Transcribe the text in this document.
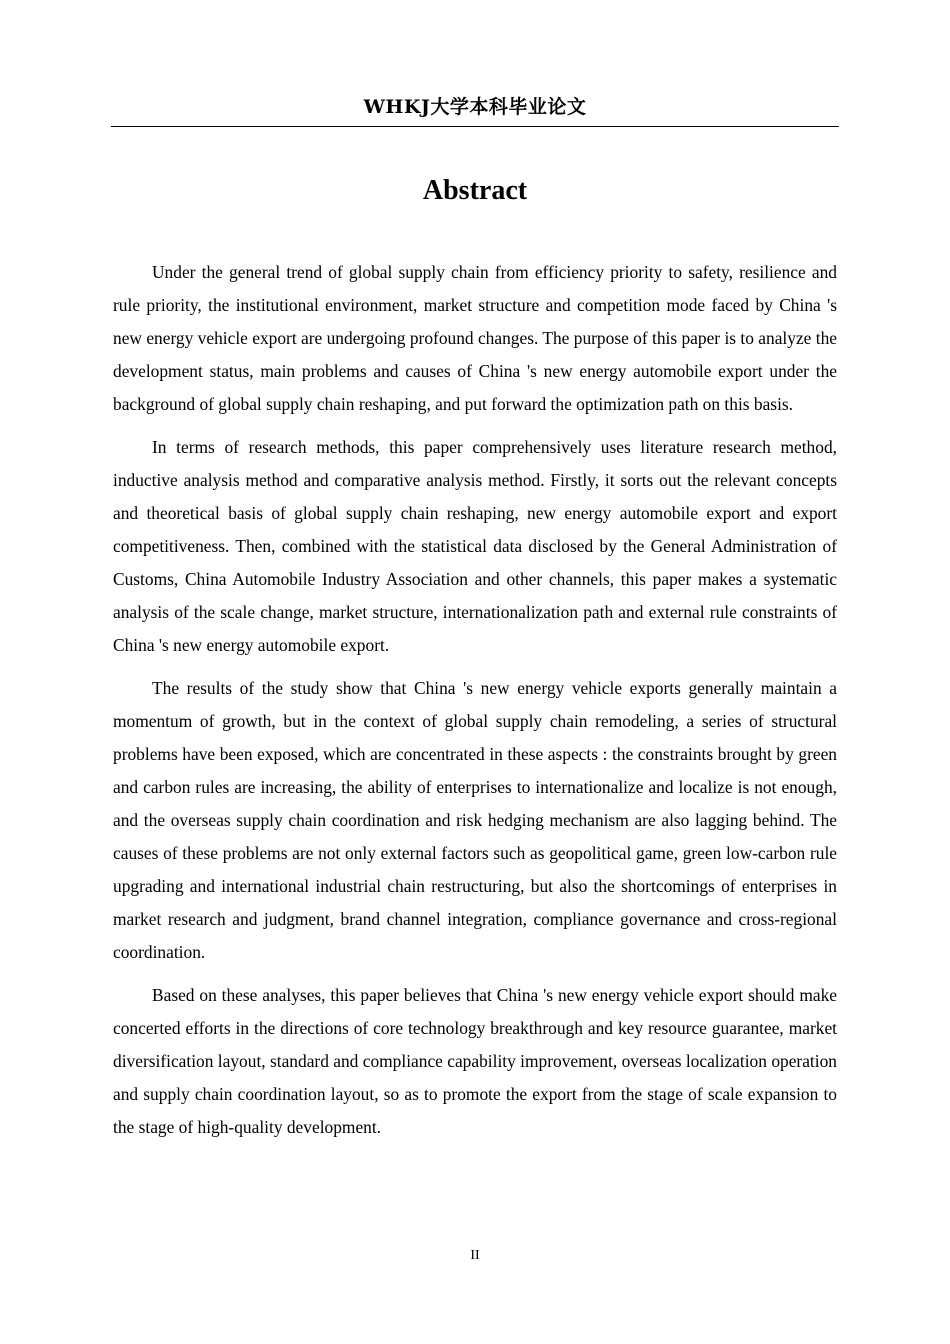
WHKJ大学本科毕业论文
Abstract

Under the general trend of global supply chain from efficiency priority to safety, resilience and rule priority, the institutional environment, market structure and competition mode faced by China 's new energy vehicle export are undergoing profound changes. The purpose of this paper is to analyze the development status, main problems and causes of China 's new energy automobile export under the background of global supply chain reshaping, and put forward the optimization path on this basis.

In terms of research methods, this paper comprehensively uses literature research method, inductive analysis method and comparative analysis method. Firstly, it sorts out the relevant concepts and theoretical basis of global supply chain reshaping, new energy automobile export and export competitiveness. Then, combined with the statistical data disclosed by the General Administration of Customs, China Automobile Industry Association and other channels, this paper makes a systematic analysis of the scale change, market structure, internationalization path and external rule constraints of China 's new energy automobile export.

The results of the study show that China 's new energy vehicle exports generally maintain a momentum of growth, but in the context of global supply chain remodeling, a series of structural problems have been exposed, which are concentrated in these aspects : the constraints brought by green and carbon rules are increasing, the ability of enterprises to internationalize and localize is not enough, and the overseas supply chain coordination and risk hedging mechanism are also lagging behind. The causes of these problems are not only external factors such as geopolitical game, green low-carbon rule upgrading and international industrial chain restructuring, but also the shortcomings of enterprises in market research and judgment, brand channel integration, compliance governance and cross-regional coordination.

Based on these analyses, this paper believes that China 's new energy vehicle export should make concerted efforts in the directions of core technology breakthrough and key resource guarantee, market diversification layout, standard and compliance capability improvement, overseas localization operation and supply chain coordination layout, so as to promote the export from the stage of scale expansion to the stage of high-quality development.

II
